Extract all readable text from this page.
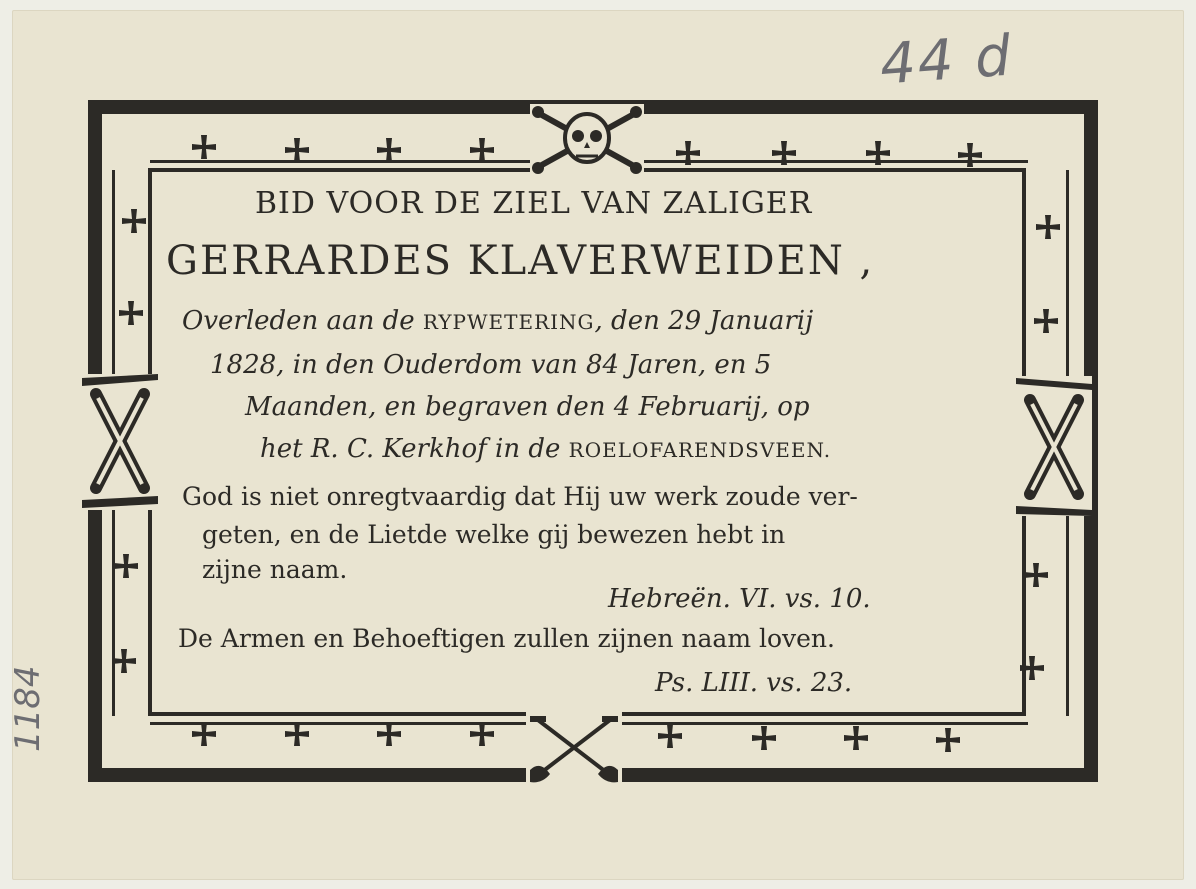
44 d
1184
BID VOOR DE ZIEL VAN ZALIGER
GERRARDES KLAVERWEIDEN ,
Overleden aan de RYPWETERING, den 29 Januarij
1828, in den Ouderdom van 84 Jaren, en 5
Maanden, en begraven den 4 Februarij, op
het R. C. Kerkhof in de ROELOFARENDSVEEN.
God is niet onregtvaardig dat Hij uw werk zoude ver-
geten, en de Lietde welke gij bewezen hebt in
zijne naam.
Hebreën. VI. vs. 10.
De Armen en Behoeftigen zullen zijnen naam loven.
Ps. LIII. vs. 23.
